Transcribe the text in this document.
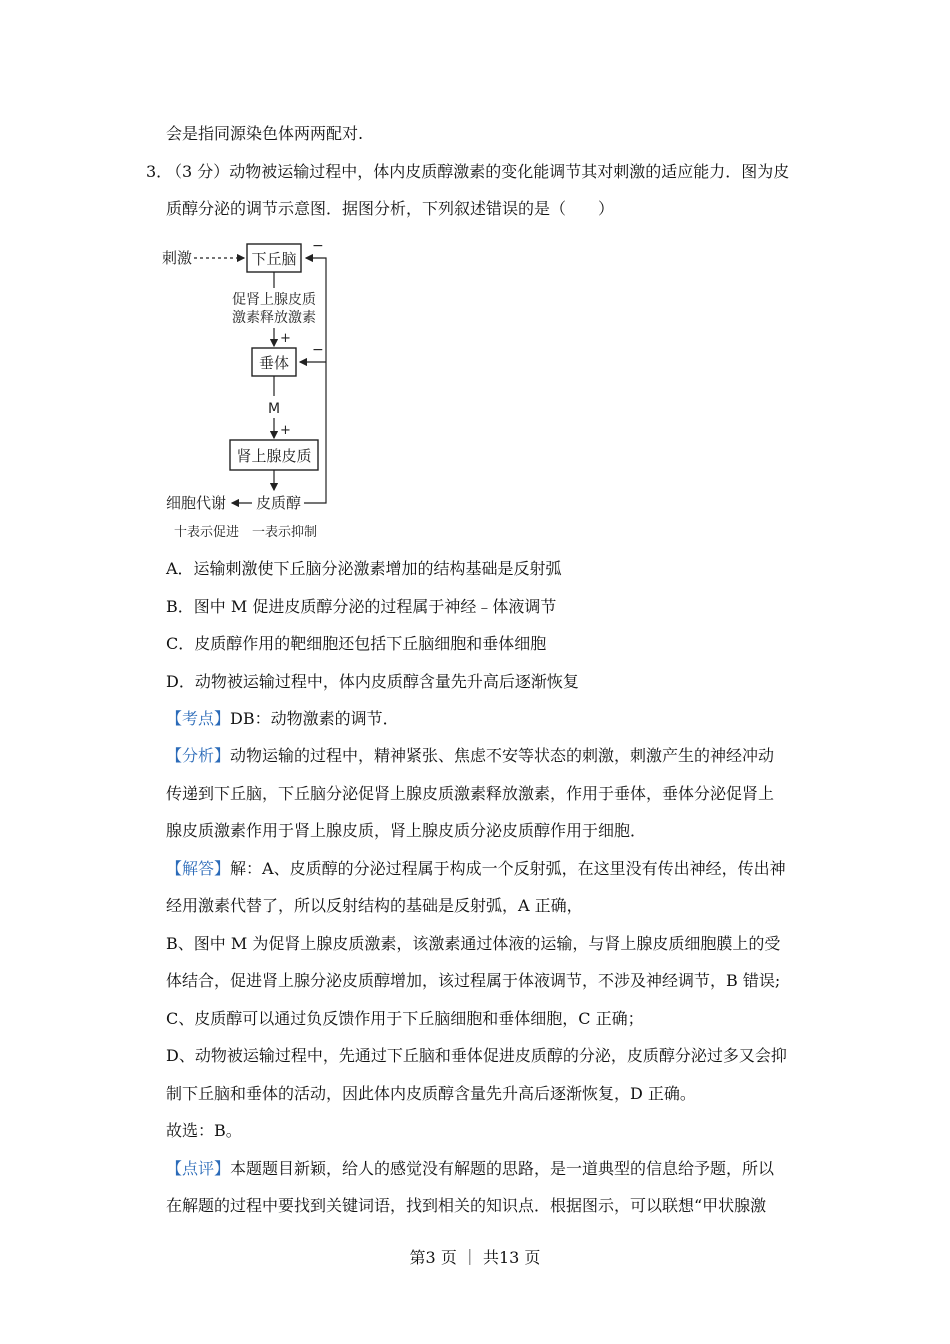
会是指同源染色体两两配对.
3．
（3 分）动物被运输过程中，体内皮质醇激素的变化能调节其对刺激的适应能力．图为皮
质醇分泌的调节示意图．据图分析，下列叙述错误的是（　　）
刺激	下丘脑
促肾上腺皮质
激素释放激素
+
垂体
M
+
肾上腺皮质
细胞代谢 皮质醇
−
−
十表示促进　一表示抑制
A．运输刺激使下丘脑分泌激素增加的结构基础是反射弧
B．图中 M 促进皮质醇分泌的过程属于神经﹣体液调节
C．皮质醇作用的靶细胞还包括下丘脑细胞和垂体细胞
D．动物被运输过程中，体内皮质醇含量先升高后逐渐恢复
【考点】DB：动物激素的调节．
【分析】动物运输的过程中，精神紧张、焦虑不安等状态的刺激，刺激产生的神经冲动
传递到下丘脑，下丘脑分泌促肾上腺皮质激素释放激素，作用于垂体，垂体分泌促肾上
腺皮质激素作用于肾上腺皮质，肾上腺皮质分泌皮质醇作用于细胞．
【解答】解：A、皮质醇的分泌过程属于构成一个反射弧，在这里没有传出神经，传出神
经用激素代替了，所以反射结构的基础是反射弧，A 正确，
B、图中 M 为促肾上腺皮质激素，该激素通过体液的运输，与肾上腺皮质细胞膜上的受
体结合，促进肾上腺分泌皮质醇增加，该过程属于体液调节，不涉及神经调节，B 错误;
C、皮质醇可以通过负反馈作用于下丘脑细胞和垂体细胞，C 正确；
D、动物被运输过程中，先通过下丘脑和垂体促进皮质醇的分泌，皮质醇分泌过多又会抑
制下丘脑和垂体的活动，因此体内皮质醇含量先升高后逐渐恢复，D 正确。
故选：B。
【点评】本题题目新颖，给人的感觉没有解题的思路，是一道典型的信息给予题，所以
在解题的过程中要找到关键词语，找到相关的知识点．根据图示，可以联想“甲状腺激
第3 页 ｜ 共13 页
